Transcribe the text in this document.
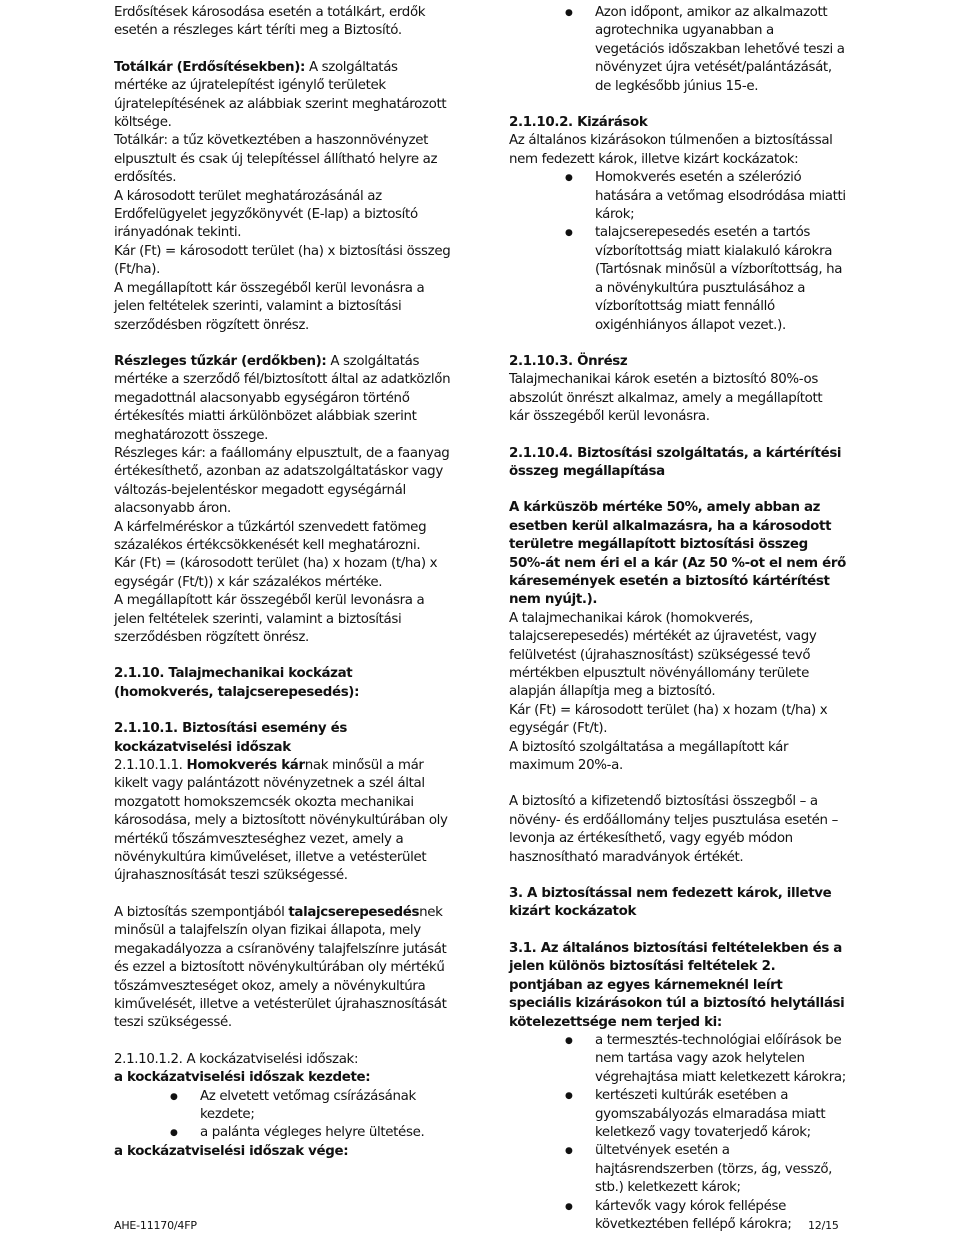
Erdősítések károsodása esetén a totálkárt, erdők esetén a részleges kárt téríti meg a Biztosító.

Totálkár (Erdősítésekben): A szolgáltatás mértéke az újratelepítést igénylő területek újratelepítésének az alábbiak szerint meghatározott költsége.

Totálkár: a tűz következtében a haszonnövényzet elpusztult és csak új telepítéssel állítható helyre az erdősítés.

A károsodott terület meghatározásánál az Erdőfelügyelet jegyzőkönyvét (E-lap) a biztosító irányadónak tekinti.

Kár (Ft) = károsodott terület (ha) x biztosítási összeg (Ft/ha).

A megállapított kár összegéből kerül levonásra a jelen feltételek szerinti, valamint a biztosítási szerződésben rögzített önrész.

Részleges tűzkár (erdőkben): A szolgáltatás mértéke a szerződő fél/biztosított által az adatközlőn megadottnál alacsonyabb egységáron történő értékesítés miatti árkülönbözet alábbiak szerint meghatározott összege.

Részleges kár: a faállomány elpusztult, de a faanyag értékesíthető, azonban az adatszolgáltatáskor vagy változás-bejelentéskor megadott egységárnál alacsonyabb áron.

A kárfelméréskor a tűzkártól szenvedett fatömeg százalékos értékcsökkenését kell meghatározni.

Kár (Ft) = (károsodott terület (ha) x hozam (t/ha) x egységár (Ft/t)) x kár százalékos mértéke.

A megállapított kár összegéből kerül levonásra a jelen feltételek szerinti, valamint a biztosítási szerződésben rögzített önrész.

2.1.10. Talajmechanikai kockázat (homokverés, talajcserepesedés):

2.1.10.1. Biztosítási esemény és kockázatviselési időszak

2.1.10.1.1. Homokverés kárnak minősül a már kikelt vagy palántázott növényzetnek a szél által mozgatott homokszemcsék okozta mechanikai károsodása, mely a biztosított növénykultúrában oly mértékű tőszámveszteséghez vezet, amely a növénykultúra kiműveléset, illetve a vetésterület újrahasznosítását teszi szükségessé.

A biztosítás szempontjából talajcserepesedésnek minősül a talajfelszín olyan fizikai állapota, mely megakadályozza a csíranövény talajfelszínre jutását és ezzel a biztosított növénykultúrában oly mértékű tőszámveszteséget okoz, amely a növénykultúra kiművelését, illetve a vetésterület újrahasznosítását teszi szükségessé.

2.1.10.1.2. A kockázatviselési időszak:

a kockázatviselési időszak kezdete:

● Az elvetett vetőmag csírázásának kezdete;
● a palánta végleges helyre ültetése.

a kockázatviselési időszak vége:

● Azon időpont, amikor az alkalmazott agrotechnika ugyanabban a vegetációs időszakban lehetővé teszi a növényzet újra vetését/palántázását, de legkésőbb június 15-e.

2.1.10.2. Kizárások

Az általános kizárásokon túlmenően a biztosítással nem fedezett károk, illetve kizárt kockázatok:

● Homokverés esetén a szélerózió hatására a vetőmag elsodródása miatti károk;
● talajcserepesedés esetén a tartós vízborítottság miatt kialakuló károkra (Tartósnak minősül a vízborítottság, ha a növénykultúra pusztulásához a vízborítottság miatt fennálló oxigénhiányos állapot vezet.).

2.1.10.3. Önrész

Talajmechanikai károk esetén a biztosító 80%-os abszolút önrészt alkalmaz, amely a megállapított kár összegéből kerül levonásra.

2.1.10.4. Biztosítási szolgáltatás, a kártérítési összeg megállapítása

A kárküszöb mértéke 50%, amely abban az esetben kerül alkalmazásra, ha a károsodott területre megállapított biztosítási összeg 50%-át nem éri el a kár (Az 50 %-ot el nem érő káresemények esetén a biztosító kártérítést nem nyújt.).

A talajmechanikai károk (homokverés, talajcserepesedés) mértékét az újravetést, vagy felülvetést (újrahasznosítást) szükségessé tevő mértékben elpusztult növényállomány területe alapján állapítja meg a biztosító.

Kár (Ft) = károsodott terület (ha) x hozam (t/ha) x egységár (Ft/t).

A biztosító szolgáltatása a megállapított kár maximum 20%-a.

A biztosító a kifizetendő biztosítási összegből – a növény- és erdőállomány teljes pusztulása esetén – levonja az értékesíthető, vagy egyéb módon hasznosítható maradványok értékét.

3. A biztosítással nem fedezett károk, illetve kizárt kockázatok

3.1. Az általános biztosítási feltételekben és a jelen különös biztosítási feltételek 2. pontjában az egyes kárnemeknél leírt speciális kizárásokon túl a biztosító helytállási kötelezettsége nem terjed ki:

● a termesztés-technológiai előírások be nem tartása vagy azok helytelen végrehajtása miatt keletkezett károkra;
● kertészeti kultúrák esetében a gyomszabályozás elmaradása miatt keletkező vagy tovaterjedő károk;
● ültetvények esetén a hajtásrendszerben (törzs, ág, vessző, stb.) keletkezett károk;
● kártevők vagy kórok fellépése következtében fellépő károkra;
AHE-11170/4FP	12/15
